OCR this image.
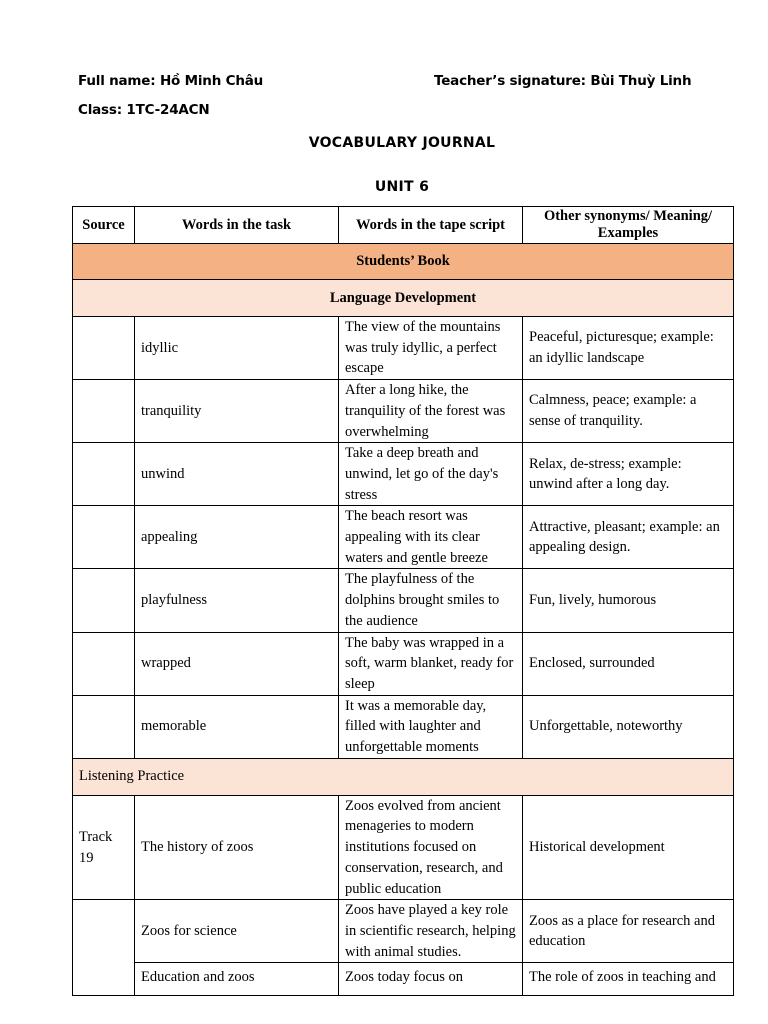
Full name: Hồ Minh Châu	Teacher’s signature: Bùi Thuỳ Linh
Class: 1TC-24ACN
VOCABULARY JOURNAL
UNIT 6
Source	Words in the task	Words in the tape script	Other synonyms/ Meaning/ Examples
Students’ Book			
Language Development			
	idyllic	The view of the mountains was truly idyllic, a perfect escape	Peaceful, picturesque; example: an idyllic landscape
	tranquility	After a long hike, the tranquility of the forest was overwhelming	Calmness, peace; example: a sense of tranquility.
	unwind	Take a deep breath and unwind, let go of the day's stress	Relax, de-stress; example: unwind after a long day.
	appealing	The beach resort was appealing with its clear waters and gentle breeze	Attractive, pleasant; example: an appealing design.
	playfulness	The playfulness of the dolphins brought smiles to the audience	Fun, lively, humorous
	wrapped	The baby was wrapped in a soft, warm blanket, ready for sleep	Enclosed, surrounded
	memorable	It was a memorable day, filled with laughter and unforgettable moments	Unforgettable, noteworthy
Listening Practice			
Track 19	The history of zoos	Zoos evolved from ancient menageries to modern institutions focused on conservation, research, and public education	Historical development
	Zoos for science	Zoos have played a key role in scientific research, helping with animal studies.	Zoos as a place for research and education
	Education and zoos	Zoos today focus on	The role of zoos in teaching and
